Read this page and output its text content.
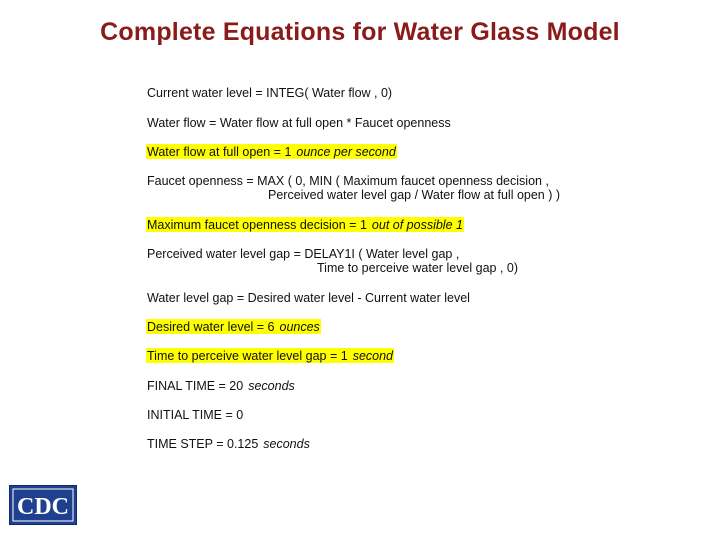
Complete Equations for Water Glass Model
Current water level = INTEG( Water flow , 0)
Water flow = Water flow at full open * Faucet openness
Water flow at full open = 1 ounce per second
Faucet openness = MAX ( 0, MIN ( Maximum faucet openness decision ,
Perceived water level gap / Water flow at full open ) )
Maximum faucet openness decision = 1 out of possible 1
Perceived water level gap = DELAY1I ( Water level gap ,
Time to perceive water level gap , 0)
Water level gap = Desired water level - Current water level
Desired water level = 6 ounces
Time to perceive water level gap = 1 second
FINAL TIME = 20 seconds
INITIAL TIME = 0
TIME STEP = 0.125 seconds
CDC
